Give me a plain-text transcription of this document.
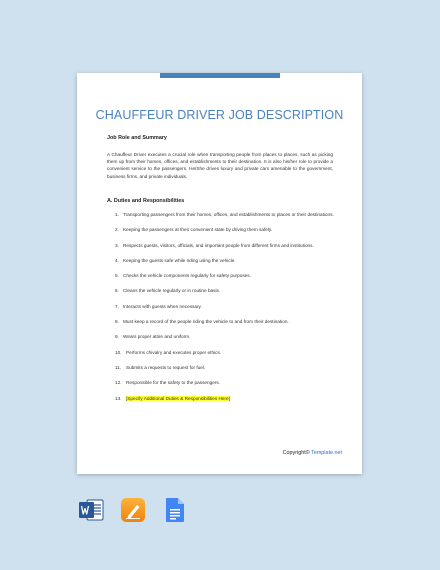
CHAUFFEUR DRIVER JOB DESCRIPTION
Job Role and Summary

A Chauffeur Driver executes a crucial role when transporting people from places to places, such as picking them up from their homes, offices, and establishments to their destination. It is also his/her role to provide a convenient service to the passengers. He/She drives luxury and private cars amenable to the government, business firms, and private individuals.

A. Duties and Responsibilities
1. Transporting passengers from their homes, offices, and establishments to places or their destinations.
2. Keeping the passengers at their convenient state by driving them safely.
3. Respects guests, visitors, officials, and important people from different firms and institutions.
4. Keeping the guests safe while riding using the vehicle.
5. Checks the vehicle components regularly for safety purposes.
6. Cleans the vehicle regularly or in routine basis.
7. Interacts with guests when necessary.
8. Must keep a record of the people riding the vehicle to and from their destination.
9. Wears proper attire and uniform.
10. Performs chivalry and executes proper ethics.
11. Submits a requests to request for fuel.
12. Responsible for the safety to the passengers.
13. [Specify Additional Duties & Responsibilities Here]
Copyright© Template.net
